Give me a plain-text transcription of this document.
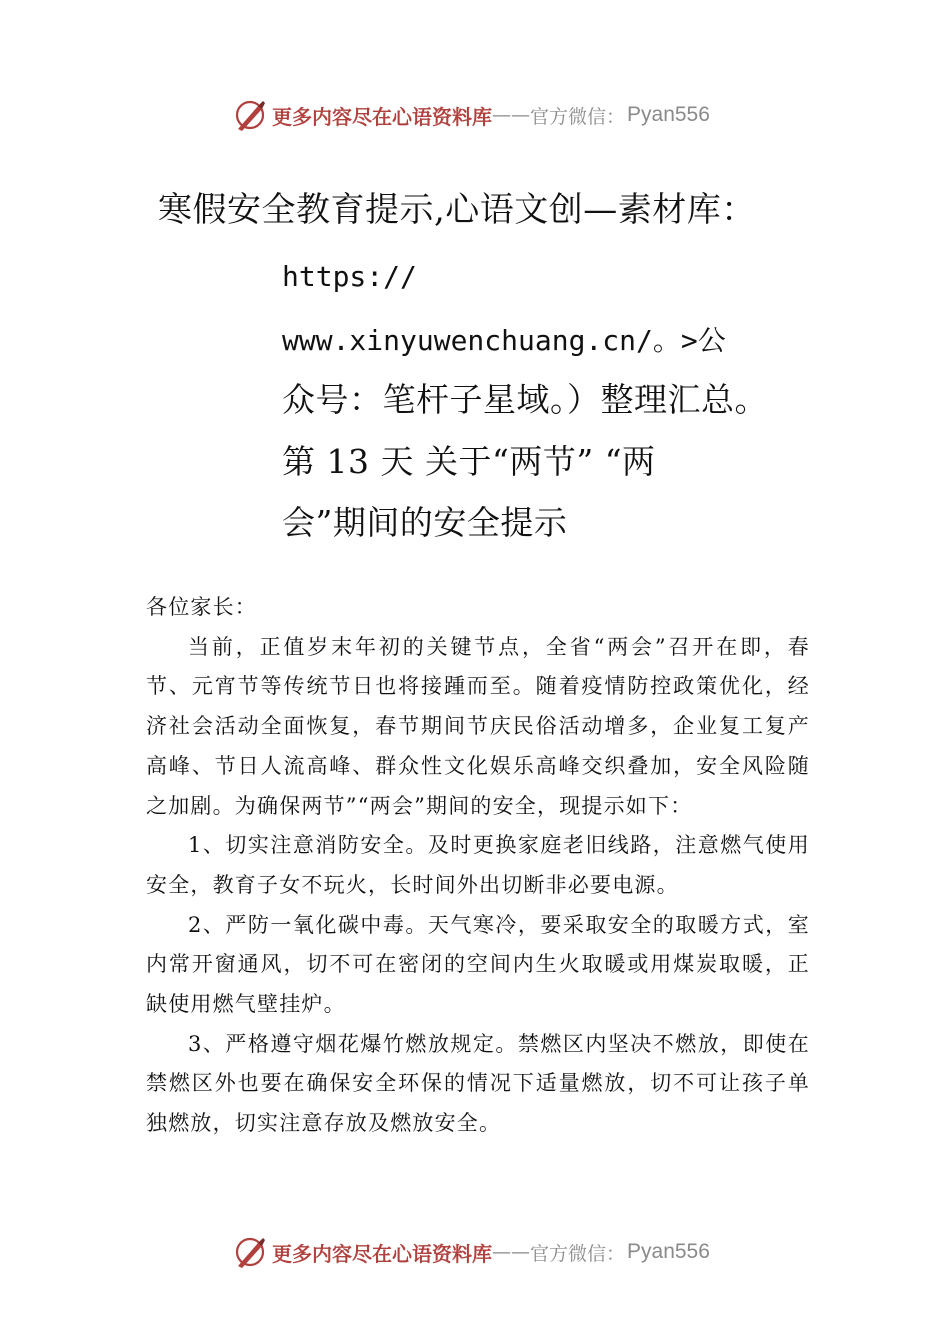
更多内容尽在心语资料库 —— 官方微信： Pyan556
寒假安全教育提示,心语文创—素材库：
https://
www.xinyuwenchuang.cn/。>公
众号：笔杆子星域。）整理汇总。
第 13 天 关于“两节” “两
会”期间的安全提示

各位家长：

当前，正值岁末年初的关键节点，全省“两会”召开在即，春节、元宵节等传统节日也将接踵而至。随着疫情防控政策优化，经济社会活动全面恢复，春节期间节庆民俗活动增多，企业复工复产高峰、节日人流高峰、群众性文化娱乐高峰交织叠加，安全风险随之加剧。为确保两节”“两会”期间的安全，现提示如下：

1、切实注意消防安全。及时更换家庭老旧线路，注意燃气使用安全，教育子女不玩火，长时间外出切断非必要电源。

2、严防一氧化碳中毒。天气寒冷，要采取安全的取暖方式，室内常开窗通风，切不可在密闭的空间内生火取暖或用煤炭取暖，正缺使用燃气壁挂炉。

3、严格遵守烟花爆竹燃放规定。禁燃区内坚决不燃放，即使在禁燃区外也要在确保安全环保的情况下适量燃放，切不可让孩子单独燃放，切实注意存放及燃放安全。

更多内容尽在心语资料库 —— 官方微信： Pyan556
